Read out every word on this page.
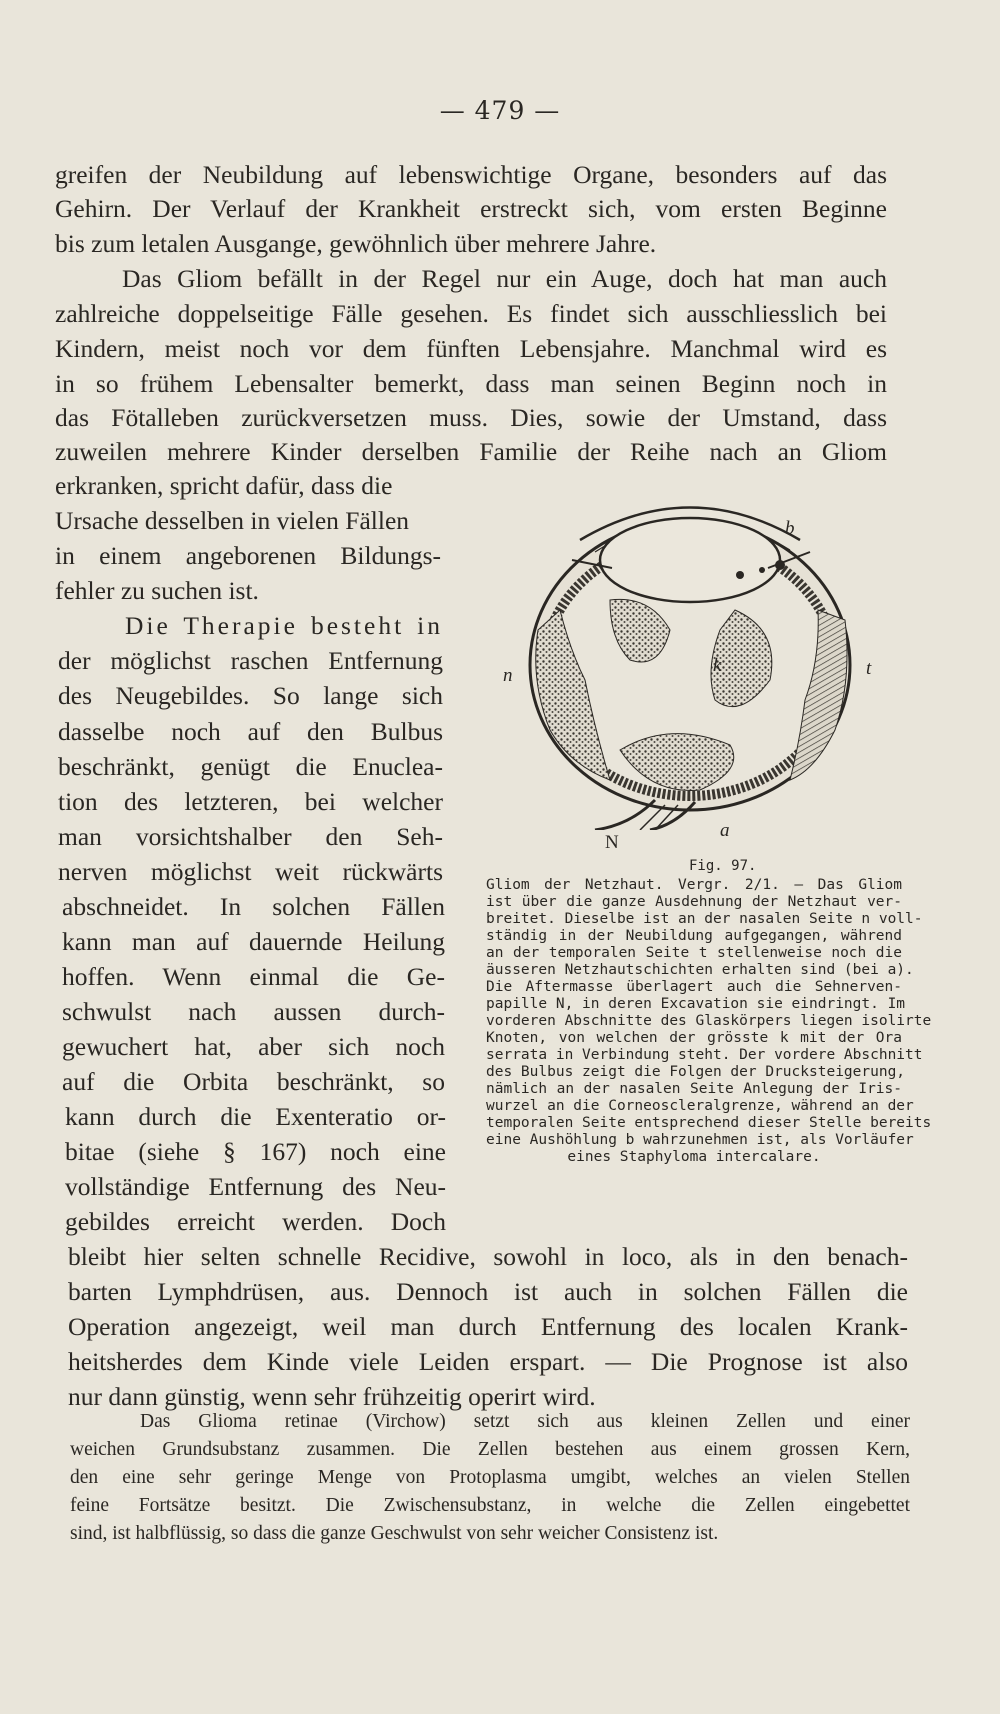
— 479 —
greifen der Neubildung auf lebenswichtige Organe, besonders auf das
Gehirn. Der Verlauf der Krankheit erstreckt sich, vom ersten Beginne
bis zum letalen Ausgange, gewöhnlich über mehrere Jahre.
Das Gliom befällt in der Regel nur ein Auge, doch hat man auch
zahlreiche doppelseitige Fälle gesehen. Es findet sich ausschliesslich bei
Kindern, meist noch vor dem fünften Lebensjahre. Manchmal wird es
in so frühem Lebensalter bemerkt, dass man seinen Beginn noch in
das Fötalleben zurückversetzen muss. Dies, sowie der Umstand, dass
zuweilen mehrere Kinder derselben Familie der Reihe nach an Gliom
erkranken, spricht dafür, dass die
Ursache desselben in vielen Fällen
in einem angeborenen Bildungs-
fehler zu suchen ist.
Die Therapie besteht in
der möglichst raschen Entfernung
des Neugebildes. So lange sich
dasselbe noch auf den Bulbus
beschränkt, genügt die Enuclea-
tion des letzteren, bei welcher
man vorsichtshalber den Seh-
nerven möglichst weit rückwärts
abschneidet. In solchen Fällen
kann man auf dauernde Heilung
hoffen. Wenn einmal die Ge-
schwulst nach aussen durch-
gewuchert hat, aber sich noch
auf die Orbita beschränkt, so
kann durch die Exenteratio or-
bitae (siehe § 167) noch eine
vollständige Entfernung des Neu-
gebildes erreicht werden. Doch
bleibt hier selten schnelle Recidive, sowohl in loco, als in den benach-
barten Lymphdrüsen, aus. Dennoch ist auch in solchen Fällen die
Operation angezeigt, weil man durch Entfernung des localen Krank-
heitsherdes dem Kinde viele Leiden erspart. — Die Prognose ist also
nur dann günstig, wenn sehr frühzeitig operirt wird.
Das Glioma retinae (Virchow) setzt sich aus kleinen Zellen und einer
weichen Grundsubstanz zusammen. Die Zellen bestehen aus einem grossen Kern,
den eine sehr geringe Menge von Protoplasma umgibt, welches an vielen Stellen
feine Fortsätze besitzt. Die Zwischensubstanz, in welche die Zellen eingebettet
sind, ist halbflüssig, so dass die ganze Geschwulst von sehr weicher Consistenz ist.
b
n	k	t
N
a
Fig. 97.
Gliom der Netzhaut. Vergr. 2/1. — Das Gliom
ist über die ganze Ausdehnung der Netzhaut ver-
breitet. Dieselbe ist an der nasalen Seite n voll-
ständig in der Neubildung aufgegangen, während
an der temporalen Seite t stellenweise noch die
äusseren Netzhautschichten erhalten sind (bei a).
Die Aftermasse überlagert auch die Sehnerven-
papille N, in deren Excavation sie eindringt. Im
vorderen Abschnitte des Glaskörpers liegen isolirte
Knoten, von welchen der grösste k mit der Ora
serrata in Verbindung steht. Der vordere Abschnitt
des Bulbus zeigt die Folgen der Drucksteigerung,
nämlich an der nasalen Seite Anlegung der Iris-
wurzel an die Corneoscleralgrenze, während an der
temporalen Seite entsprechend dieser Stelle bereits
eine Aushöhlung b wahrzunehmen ist, als Vorläufer
eines Staphyloma intercalare.
